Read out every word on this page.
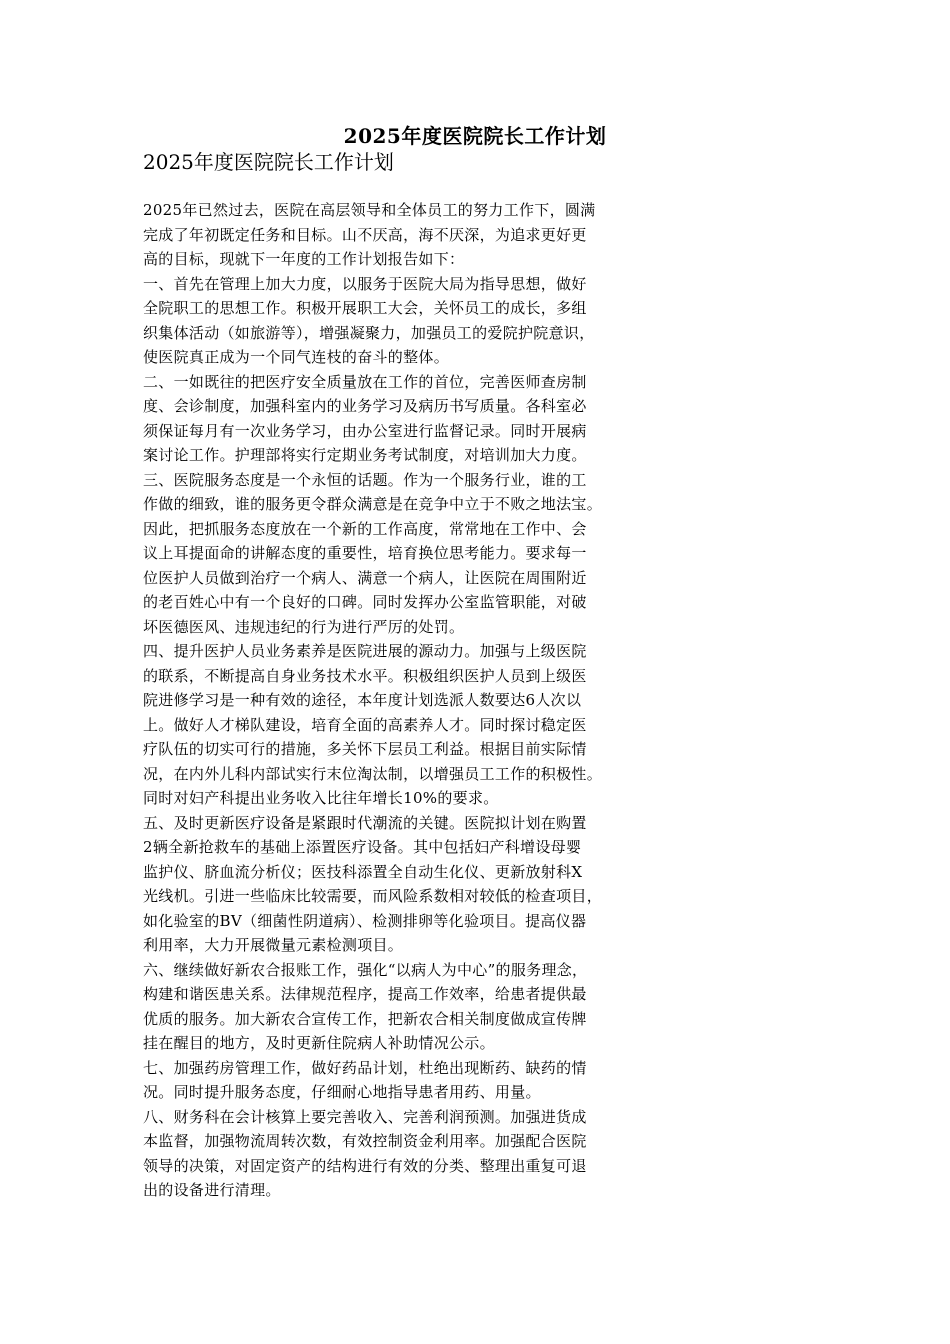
2025年度医院院长工作计划

2025年度医院院长工作计划

2025年已然过去，医院在高层领导和全体员工的努力工作下，圆满

完成了年初既定任务和目标。山不厌高，海不厌深，为追求更好更

高的目标，现就下一年度的工作计划报告如下：

一、首先在管理上加大力度，以服务于医院大局为指导思想，做好

全院职工的思想工作。积极开展职工大会，关怀员工的成长，多组

织集体活动（如旅游等），增强凝聚力，加强员工的爱院护院意识，

使医院真正成为一个同气连枝的奋斗的整体。

二、一如既往的把医疗安全质量放在工作的首位，完善医师查房制

度、会诊制度，加强科室内的业务学习及病历书写质量。各科室必

须保证每月有一次业务学习，由办公室进行监督记录。同时开展病

案讨论工作。护理部将实行定期业务考试制度，对培训加大力度。

三、医院服务态度是一个永恒的话题。作为一个服务行业，谁的工

作做的细致，谁的服务更令群众满意是在竞争中立于不败之地法宝。

因此，把抓服务态度放在一个新的工作高度，常常地在工作中、会

议上耳提面命的讲解态度的重要性，培育换位思考能力。要求每一

位医护人员做到治疗一个病人、满意一个病人，让医院在周围附近

的老百姓心中有一个良好的口碑。同时发挥办公室监管职能，对破

坏医德医风、违规违纪的行为进行严厉的处罚。

四、提升医护人员业务素养是医院进展的源动力。加强与上级医院

的联系，不断提高自身业务技术水平。积极组织医护人员到上级医

院进修学习是一种有效的途径，本年度计划选派人数要达6人次以

上。做好人才梯队建设，培育全面的高素养人才。同时探讨稳定医

疗队伍的切实可行的措施，多关怀下层员工利益。根据目前实际情

况，在内外儿科内部试实行末位淘汰制，以增强员工工作的积极性。

同时对妇产科提出业务收入比往年增长10%的要求。

五、及时更新医疗设备是紧跟时代潮流的关键。医院拟计划在购置

2辆全新抢救车的基础上添置医疗设备。其中包括妇产科增设母婴

监护仪、脐血流分析仪；医技科添置全自动生化仪、更新放射科X

光线机。引进一些临床比较需要，而风险系数相对较低的检查项目，

如化验室的BV（细菌性阴道病）、检测排卵等化验项目。提高仪器

利用率，大力开展微量元素检测项目。

六、继续做好新农合报账工作，强化“以病人为中心”的服务理念，

构建和谐医患关系。法律规范程序，提高工作效率，给患者提供最

优质的服务。加大新农合宣传工作，把新农合相关制度做成宣传牌

挂在醒目的地方，及时更新住院病人补助情况公示。

七、加强药房管理工作，做好药品计划，杜绝出现断药、缺药的情

况。同时提升服务态度，仔细耐心地指导患者用药、用量。

八、财务科在会计核算上要完善收入、完善利润预测。加强进货成

本监督，加强物流周转次数，有效控制资金利用率。加强配合医院

领导的决策，对固定资产的结构进行有效的分类、整理出重复可退

出的设备进行清理。
